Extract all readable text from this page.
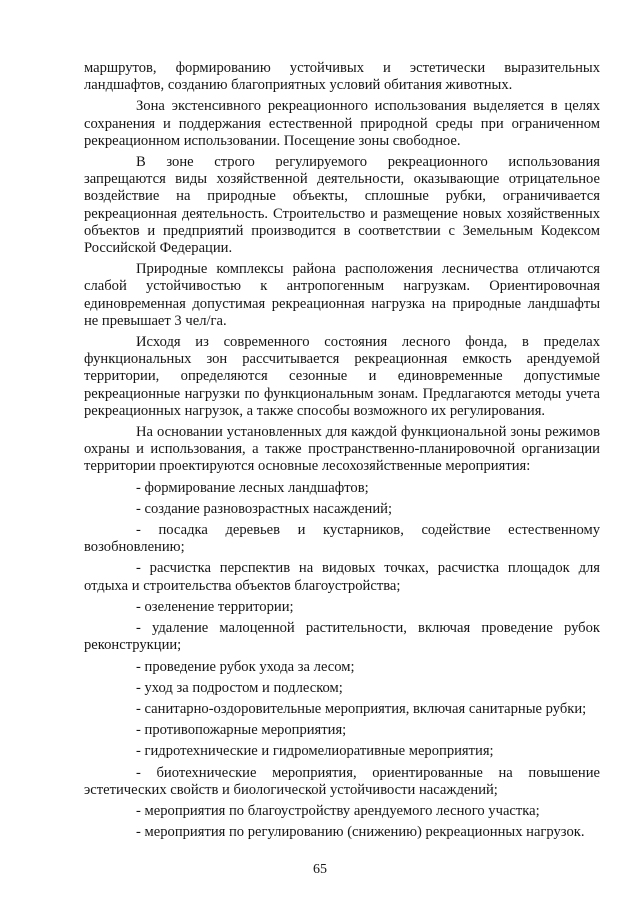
маршрутов, формированию устойчивых и эстетически выразительных ландшафтов, созданию благоприятных условий обитания животных.

Зона экстенсивного рекреационного использования выделяется в целях сохранения и поддержания естественной природной среды при ограниченном рекреационном использовании. Посещение зоны свободное.

В зоне строго регулируемого рекреационного использования запрещаются виды хозяйственной деятельности, оказывающие отрицательное воздействие на природные объекты, сплошные рубки, ограничивается рекреационная деятельность. Строительство и размещение новых хозяйственных объектов и предприятий производится в соответствии с Земельным Кодексом Российской Федерации.

Природные комплексы района расположения лесничества отличаются слабой устойчивостью к антропогенным нагрузкам. Ориентировочная единовременная допустимая рекреационная нагрузка на природные ландшафты не превышает 3 чел/га.

Исходя из современного состояния лесного фонда, в пределах функциональных зон рассчитывается рекреационная емкость арендуемой территории, определяются сезонные и единовременные допустимые рекреационные нагрузки по функциональным зонам. Предлагаются методы учета рекреационных нагрузок, а также способы возможного их регулирования.

На основании установленных для каждой функциональной зоны режимов охраны и использования, а также пространственно-планировочной организации территории проектируются основные лесохозяйственные мероприятия:

- формирование лесных ландшафтов;

- создание разновозрастных насаждений;

- посадка деревьев и кустарников, содействие естественному возобновлению;

- расчистка перспектив на видовых точках, расчистка площадок для отдыха и строительства объектов благоустройства;

- озеленение территории;

- удаление малоценной растительности, включая проведение рубок реконструкции;

- проведение рубок ухода за лесом;

- уход за подростом и подлеском;

- санитарно-оздоровительные мероприятия, включая санитарные рубки;

- противопожарные мероприятия;

- гидротехнические и гидромелиоративные мероприятия;

- биотехнические мероприятия, ориентированные на повышение эстетических свойств и биологической устойчивости насаждений;

- мероприятия по благоустройству арендуемого лесного участка;

- мероприятия по регулированию (снижению) рекреационных нагрузок.

65
